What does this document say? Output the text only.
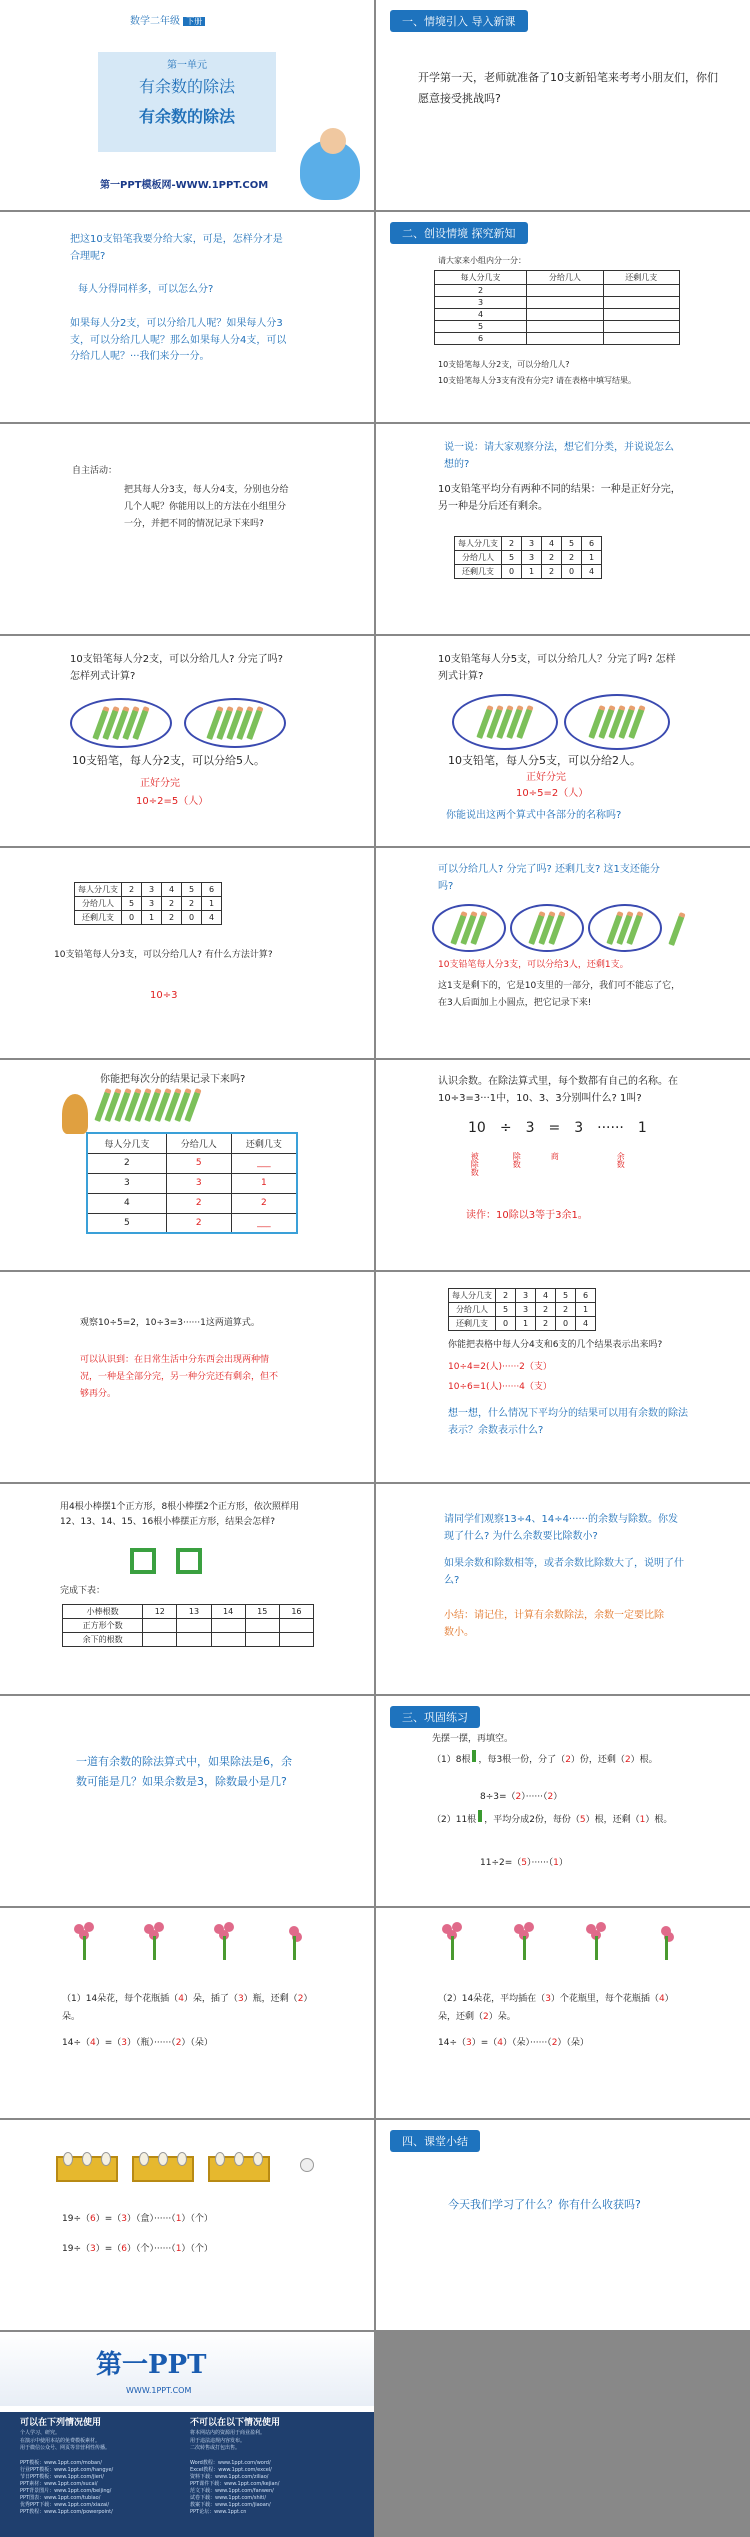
数学二年级 下册
第一单元
有余数的除法
有余数的除法
第一PPT模板网-WWW.1PPT.COM
一、情境引入 导入新课
开学第一天，老师就准备了10支新铅笔来考考小朋友们，你们愿意接受挑战吗?
把这10支铅笔我要分给大家，可是，怎样分才是合理呢?
每人分得同样多，可以怎么分?
如果每人分2支，可以分给几人呢？如果每人分3支，可以分给几人呢？那么如果每人分4支，可以分给几人呢？···我们来分一分。
二、创设情境 探究新知
请大家来小组内分一分：
每人分几支	分给几人	还剩几支
2		
3		
4		
5		
6		
10支铅笔每人分2支，可以分给几人?
10支铅笔每人分3支有没有分完? 请在表格中填写结果。
自主活动：
把其每人分3支，每人分4支，分别也分给几个人呢？你能用以上的方法在小组里分一分，并把不同的情况记录下来吗?
说一说：请大家观察分法，想它们分类，并说说怎么想的?
10支铅笔平均分有两种不同的结果：一种是正好分完，另一种是分后还有剩余。
每人分几支	2	3	4	5	6
分给几人	5	3	2	2	1
还剩几支	0	1	2	0	4
10支铅笔每人分2支，可以分给几人? 分完了吗? 怎样列式计算?
10支铅笔，每人分2支，可以分给5人。
正好分完
10÷2=5（人）
10支铅笔每人分5支，可以分给几人？分完了吗? 怎样列式计算?
10支铅笔，每人分5支，可以分给2人。
正好分完
10÷5=2（人）
你能说出这两个算式中各部分的名称吗?
每人分几支	2	3	4	5	6
分给几人	5	3	2	2	1
还剩几支	0	1	2	0	4
10支铅笔每人分3支，可以分给几人? 有什么方法计算?
10÷3
可以分给几人? 分完了吗? 还剩几支? 这1支还能分吗?
10支铅笔每人分3支，可以分给3人，还剩1支。
这1支是剩下的，它是10支里的一部分，我们可不能忘了它，在3人后面加上小圆点，把它记录下来!
你能把每次分的结果记录下来吗?
每人分几支	分给几人	还剩几支
2	5	___
3	3	1
4	2	2
5	2	___
认识余数。在除法算式里，每个数都有自己的名称。在10÷3=3···1中，10、3、3分别叫什么? 1叫?
10 ÷ 3 = 3 ······ 1
被除数	除数	商	余数
读作：10除以3等于3余1。
观察10÷5=2，10÷3=3······1这两道算式。
可以认识到：在日常生活中分东西会出现两种情况，一种是全部分完，另一种分完还有剩余，但不够再分。
每人分几支	2	3	4	5	6
分给几人	5	3	2	2	1
还剩几支	0	1	2	0	4
你能把表格中每人分4支和6支的几个结果表示出来吗?
10÷4=2(人)······2（支）
10÷6=1(人)······4（支）
想一想，什么情况下平均分的结果可以用有余数的除法表示？余数表示什么?
用4根小棒摆1个正方形，8根小棒摆2个正方形，依次照样用12、13、14、15、16根小棒摆正方形，结果会怎样?
完成下表：
小棒根数	12	13	14	15	16
正方形个数					
余下的根数					
请同学们观察13÷4、14÷4······的余数与除数。你发现了什么? 为什么余数要比除数小?
如果余数和除数相等，或者余数比除数大了，说明了什么?
小结：请记住，计算有余数除法，余数一定要比除数小。
一道有余数的除法算式中，如果除法是6，余数可能是几？如果余数是3，除数最小是几?
三、巩固练习
先摆一摆，再填空。
（1）8根 ，每3根一份，分了（2）份，还剩（2）根。
8÷3=（2）······（2）
（2）11根 ，平均分成2份，每份（5）根，还剩（1）根。
11÷2=（5）······（1）
（1）14朵花，每个花瓶插（4）朵，插了（3）瓶，还剩（2）朵。
14÷（4）=（3）（瓶）······（2）（朵）
（2）14朵花，平均插在（3）个花瓶里，每个花瓶插（4）朵，还剩（2）朵。
14÷（3）=（4）（朵）······（2）（朵）
19÷（6）=（3）（盒）······（1）（个）
19÷（3）=（6）（个）······（1）（个）
四、课堂小结
今天我们学习了什么？你有什么收获吗?
第一PPT
WWW.1PPT.COM
可以在下列情况使用	不可以在以下情况使用
个人学习、研究。
在演示中使用本站的免费模板素材。
用于微信公众号、网页等非营利性传播。
将本网站内的资源用于商业盈利。
用于违法违规内容发布。
二次转售或打包出售。
PPT模板：www.1ppt.com/moban/
行业PPT模板：www.1ppt.com/hangye/
节日PPT模板：www.1ppt.com/jieri/
PPT素材：www.1ppt.com/sucai/
PPT背景图片：www.1ppt.com/beijing/
PPT图表：www.1ppt.com/tubiao/
优秀PPT下载：www.1ppt.com/xiazai/
PPT教程：www.1ppt.com/powerpoint/
Word教程：www.1ppt.com/word/
Excel教程：www.1ppt.com/excel/
资料下载：www.1ppt.com/ziliao/
PPT课件下载：www.1ppt.com/kejian/
范文下载：www.1ppt.com/fanwen/
试卷下载：www.1ppt.com/shiti/
教案下载：www.1ppt.com/jiaoan/
PPT论坛：www.1ppt.cn
